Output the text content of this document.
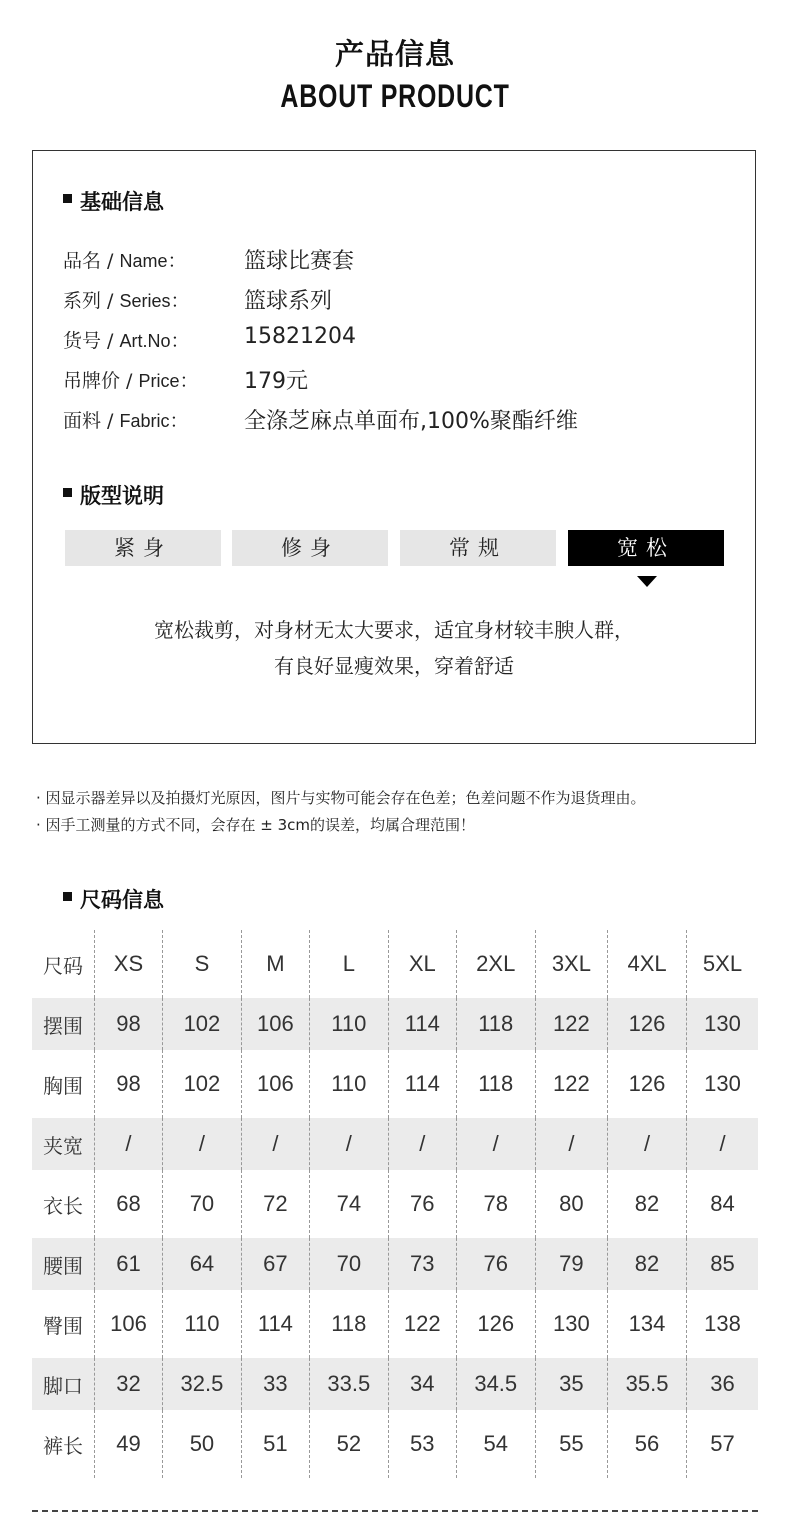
产品信息
ABOUT PRODUCT
基础信息
品名 / Name：	篮球比赛套
系列 / Series： 篮球系列
货号 / Art.No： 15821204
吊牌价 / Price： 179元
面料 / Fabric：	全涤芝麻点单面布,100%聚酯纤维
版型说明
紧身	修身	常规	宽松
宽松裁剪，对身材无太大要求，适宜身材较丰腴人群，
有良好显瘦效果，穿着舒适
· 因显示器差异以及拍摄灯光原因，图片与实物可能会存在色差；色差问题不作为退货理由。
· 因手工测量的方式不同，会存在 ± 3cm的误差，均属合理范围！
尺码信息
尺码	XS	S	M	L	XL	2XL	3XL	4XL	5XL
摆围	98	102	106	110	114	118	122	126	130
胸围	98	102	106	110	114	118	122	126	130
夹宽	/	/	/	/	/	/	/	/	/
衣长	68	70	72	74	76	78	80	82	84
腰围	61	64	67	70	73	76	79	82	85
臀围	106	110	114	118	122	126	130	134	138
脚口	32	32.5	33	33.5	34	34.5	35	35.5	36
裤长	49	50	51	52	53	54	55	56	57
